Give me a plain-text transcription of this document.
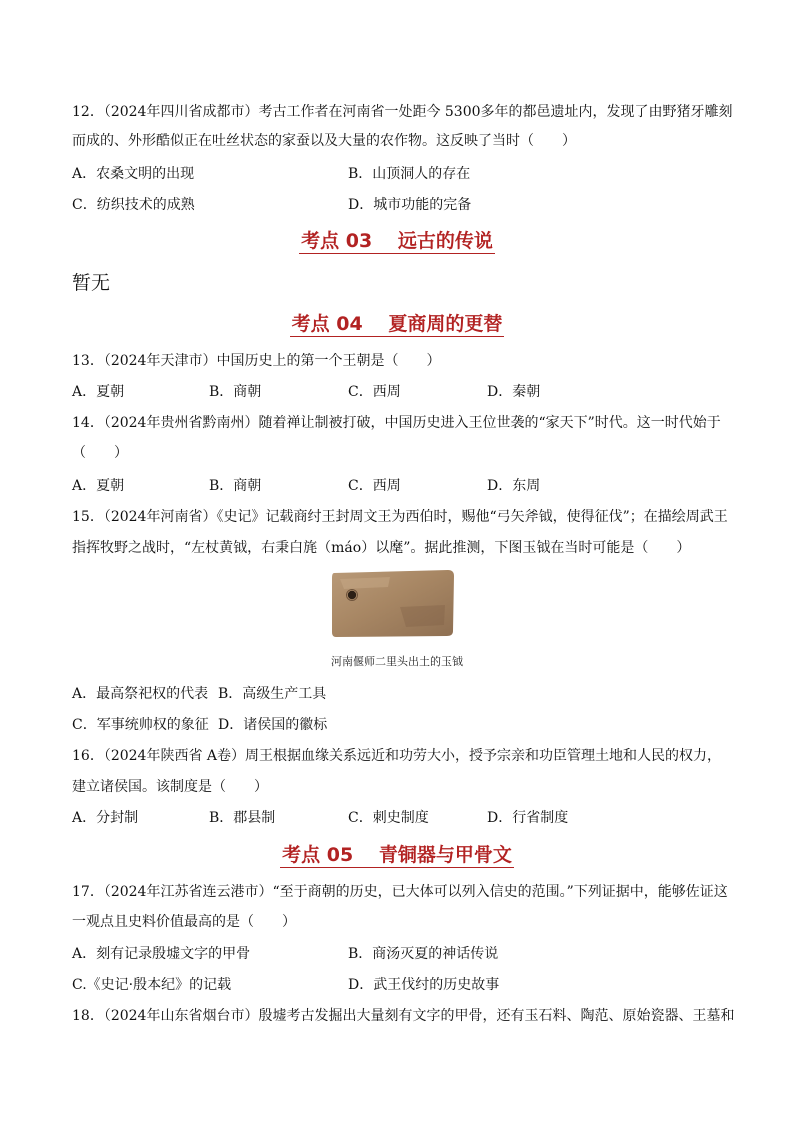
12．（2024年四川省成都市）考古工作者在河南省一处距今 5300多年的都邑遗址内，发现了由野猪牙雕刻
而成的、外形酷似正在吐丝状态的家蚕以及大量的农作物。这反映了当时（　　）
A．农桑文明的出现	B．山顶洞人的存在
C．纺织技术的成熟	D．城市功能的完备
考点 03　 远古的传说
暂无
考点 04　 夏商周的更替
13．（2024年天津市）中国历史上的第一个王朝是（　　）
A．夏朝	B．商朝	C．西周	D．秦朝
14．（2024年贵州省黔南州）随着禅让制被打破，中国历史进入王位世袭的“家天下”时代。这一时代始于
（　　）
A．夏朝	B．商朝	C．西周	D．东周
15．（2024年河南省）《史记》记载商纣王封周文王为西伯时，赐他“弓矢斧钺，使得征伐”；在描绘周武王
指挥牧野之战时，“左杖黄钺，右秉白旄（máo）以麾”。据此推测，下图玉钺在当时可能是（　　）
河南偃师二里头出土的玉钺
A．最高祭祀权的代表 B．高级生产工具
C．军事统帅权的象征 D．诸侯国的徽标
16．（2024年陕西省 A卷）周王根据血缘关系远近和功劳大小，授予宗亲和功臣管理土地和人民的权力，
建立诸侯国。该制度是（　　）
A．分封制	B．郡县制	C．刺史制度	D．行省制度
考点 05　 青铜器与甲骨文
17．（2024年江苏省连云港市）“至于商朝的历史，已大体可以列入信史的范围。”下列证据中，能够佐证这
一观点且史料价值最高的是（　　）
A．刻有记录殷墟文字的甲骨	B．商汤灭夏的神话传说
C.《史记·殷本纪》的记载	D．武王伐纣的历史故事
18．（2024年山东省烟台市）殷墟考古发掘出大量刻有文字的甲骨，还有玉石料、陶范、原始瓷器、王墓和
